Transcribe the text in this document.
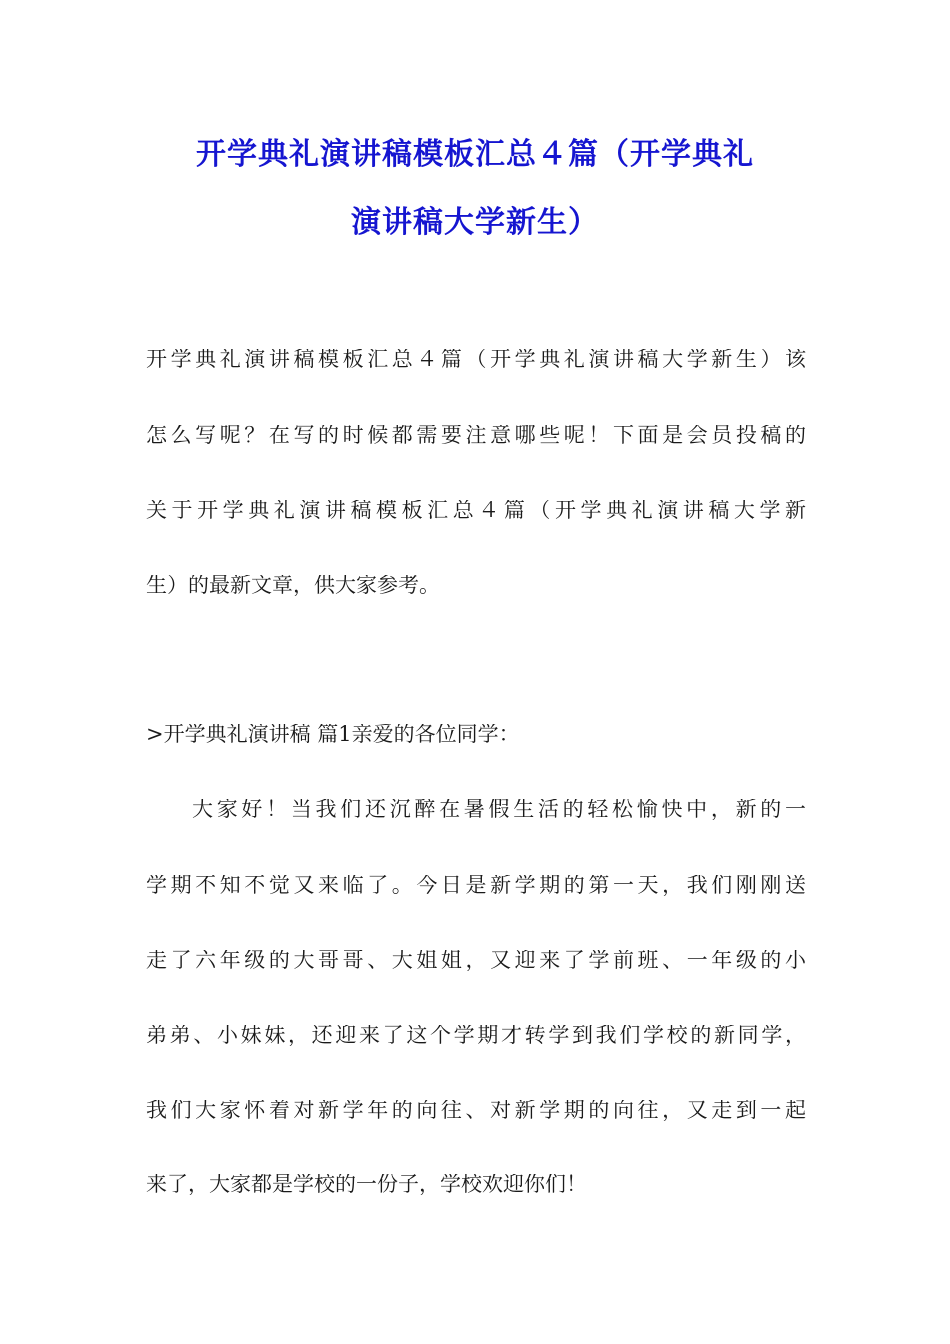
开学典礼演讲稿模板汇总４篇（开学典礼
演讲稿大学新生）
开学典礼演讲稿模板汇总４篇（开学典礼演讲稿大学新生）该
怎么写呢？在写的时候都需要注意哪些呢！下面是会员投稿的
关于开学典礼演讲稿模板汇总４篇（开学典礼演讲稿大学新
生）的最新文章，供大家参考。
>开学典礼演讲稿 篇1亲爱的各位同学：
大家好！当我们还沉醉在暑假生活的轻松愉快中，新的一
学期不知不觉又来临了。今日是新学期的第一天，我们刚刚送
走了六年级的大哥哥、大姐姐，又迎来了学前班、一年级的小
弟弟、小妹妹，还迎来了这个学期才转学到我们学校的新同学，
我们大家怀着对新学年的向往、对新学期的向往，又走到一起
来了，大家都是学校的一份子，学校欢迎你们！
